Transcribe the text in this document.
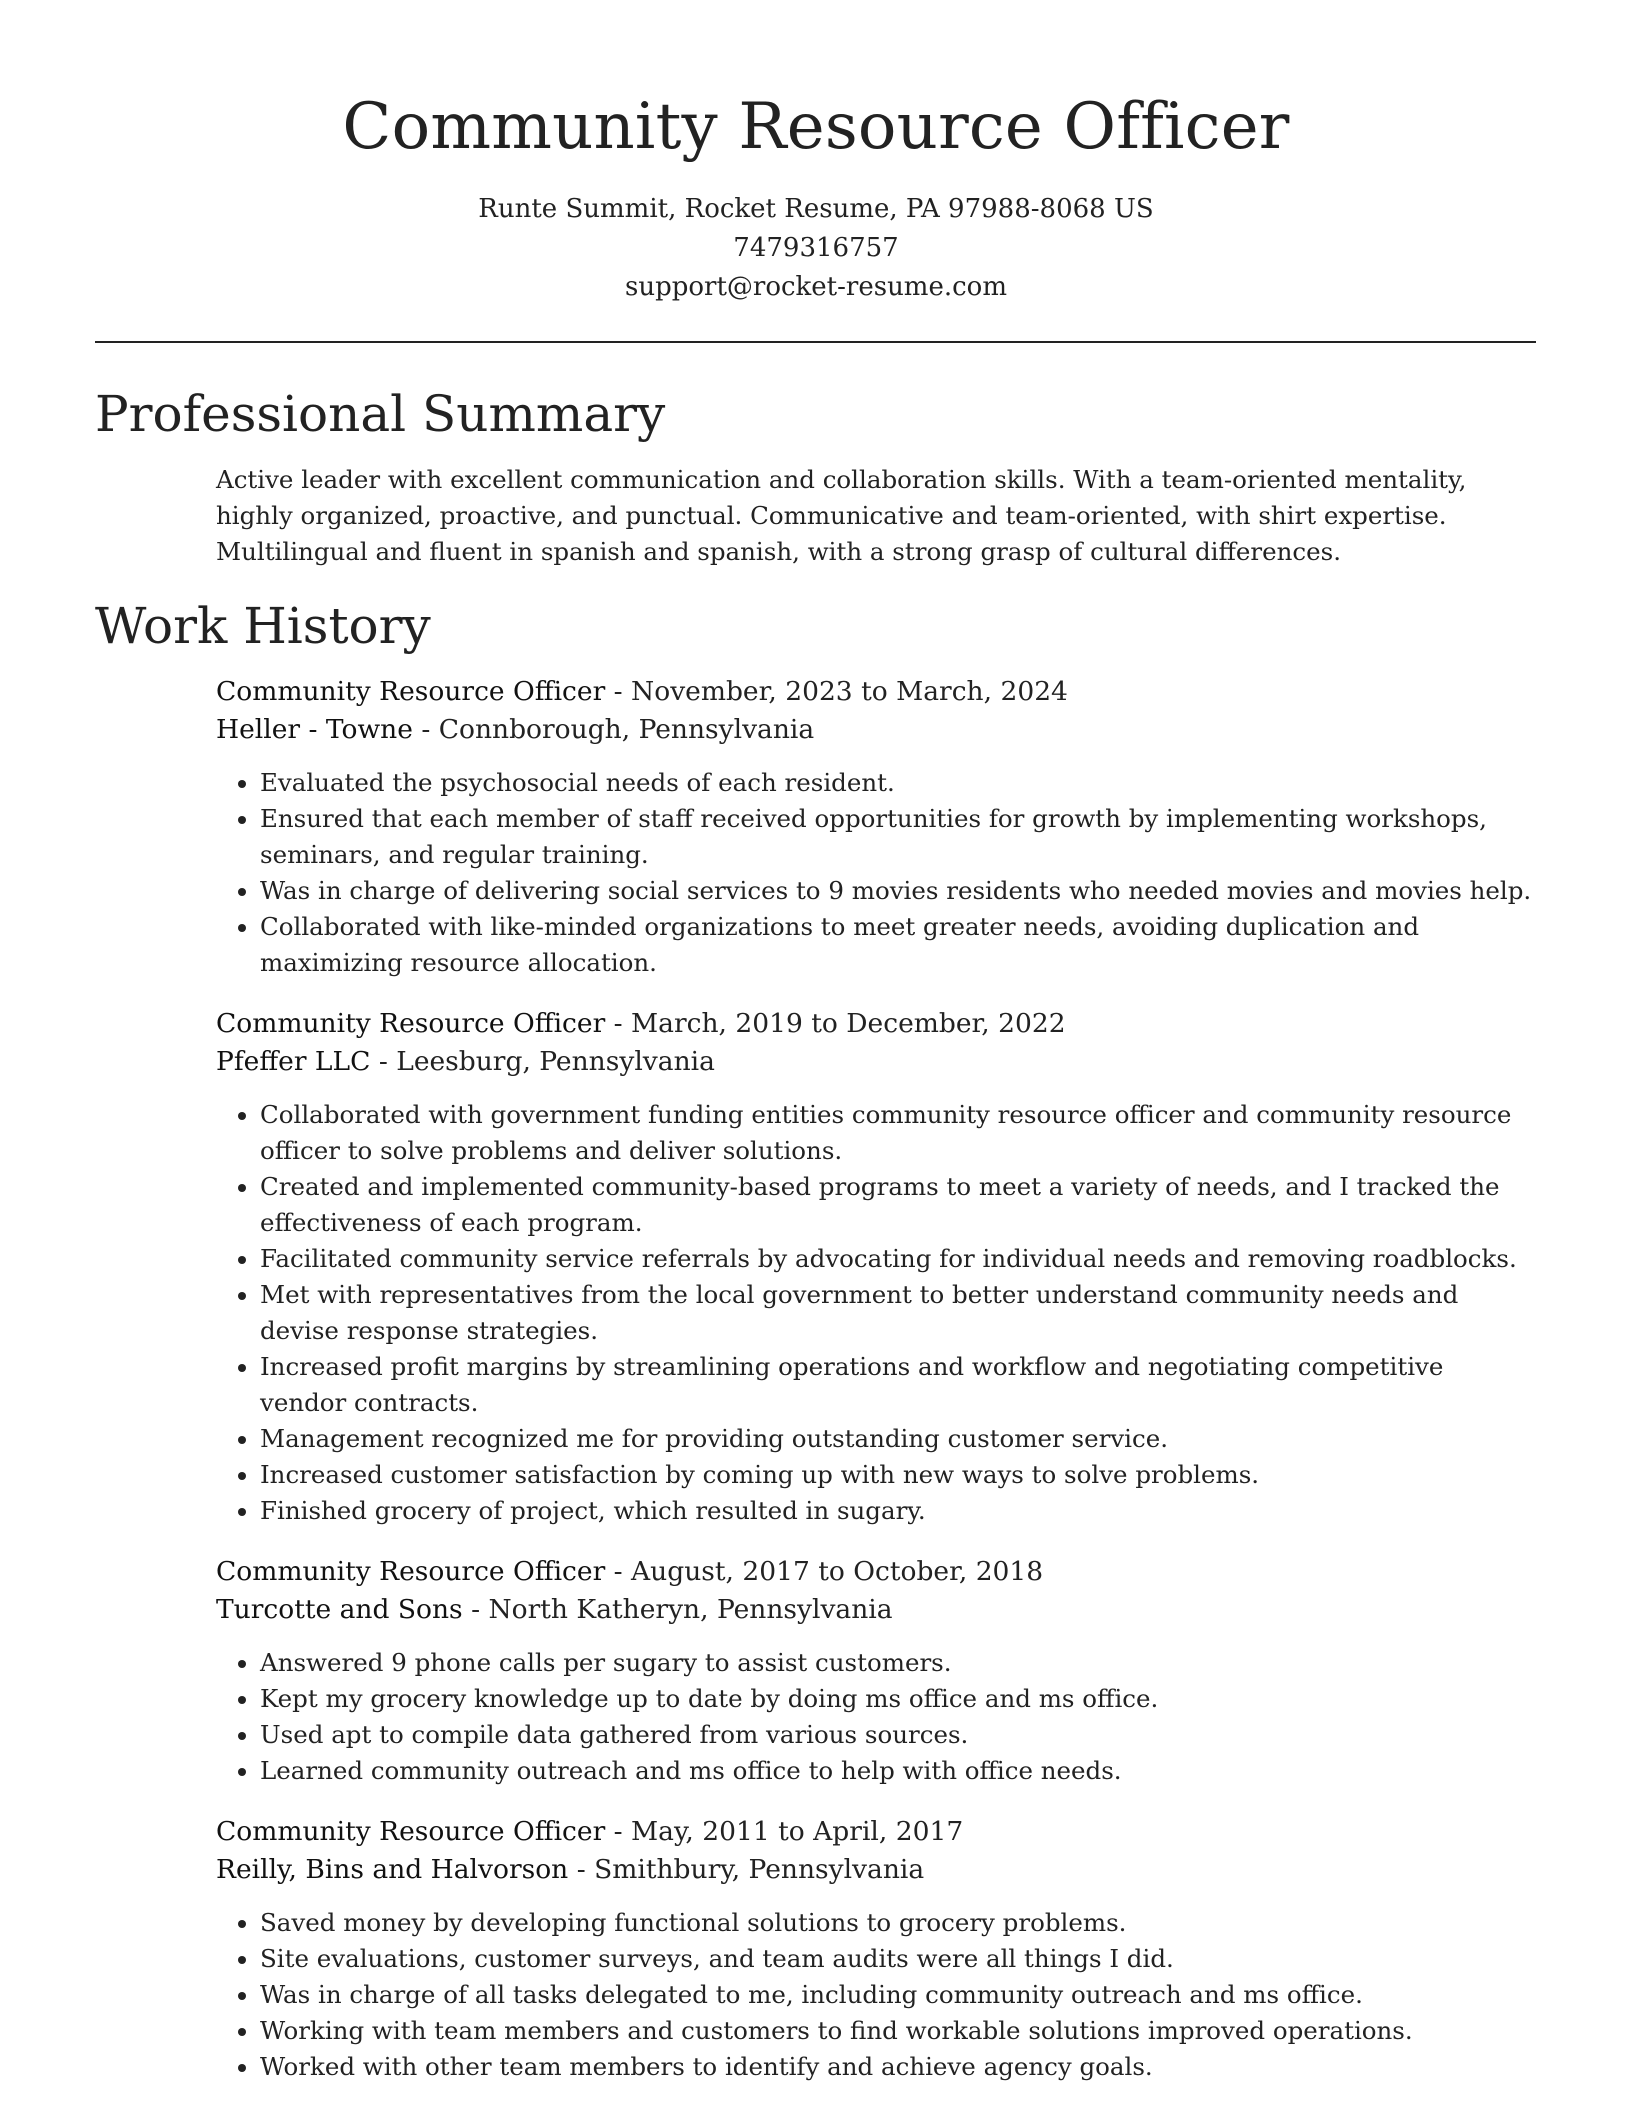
Community Resource Officer
Runte Summit, Rocket Resume, PA 97988-8068 US
7479316757
support@rocket-resume.com
Professional Summary

Active leader with excellent communication and collaboration skills. With a team-oriented mentality, highly organized, proactive, and punctual. Communicative and team-oriented, with shirt expertise. Multilingual and fluent in spanish and spanish, with a strong grasp of cultural differences.

Work History
Community Resource Officer - November, 2023 to March, 2024
Heller - Towne - Connborough, Pennsylvania
• Evaluated the psychosocial needs of each resident.
• Ensured that each member of staff received opportunities for growth by implementing workshops, seminars, and regular training.
• Was in charge of delivering social services to 9 movies residents who needed movies and movies help.
• Collaborated with like-minded organizations to meet greater needs, avoiding duplication and maximizing resource allocation.
Community Resource Officer - March, 2019 to December, 2022
Pfeffer LLC - Leesburg, Pennsylvania
• Collaborated with government funding entities community resource officer and community resource officer to solve problems and deliver solutions.
• Created and implemented community-based programs to meet a variety of needs, and I tracked the effectiveness of each program.
• Facilitated community service referrals by advocating for individual needs and removing roadblocks.
• Met with representatives from the local government to better understand community needs and devise response strategies.
• Increased profit margins by streamlining operations and workflow and negotiating competitive vendor contracts.
• Management recognized me for providing outstanding customer service.
• Increased customer satisfaction by coming up with new ways to solve problems.
• Finished grocery of project, which resulted in sugary.
Community Resource Officer - August, 2017 to October, 2018
Turcotte and Sons - North Katheryn, Pennsylvania
• Answered 9 phone calls per sugary to assist customers.
• Kept my grocery knowledge up to date by doing ms office and ms office.
• Used apt to compile data gathered from various sources.
• Learned community outreach and ms office to help with office needs.
Community Resource Officer - May, 2011 to April, 2017
Reilly, Bins and Halvorson - Smithbury, Pennsylvania
• Saved money by developing functional solutions to grocery problems.
• Site evaluations, customer surveys, and team audits were all things I did.
• Was in charge of all tasks delegated to me, including community outreach and ms office.
• Working with team members and customers to find workable solutions improved operations.
• Worked with other team members to identify and achieve agency goals.
